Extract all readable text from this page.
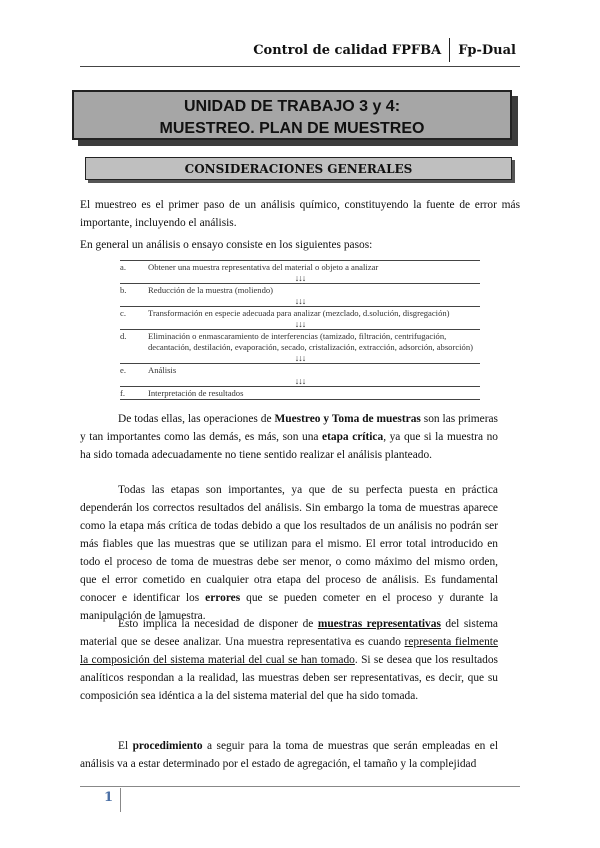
Control de calidad FPFBA	Fp-Dual
UNIDAD DE TRABAJO 3 y 4:
MUESTREO. PLAN DE MUESTREO
CONSIDERACIONES GENERALES
El muestreo es el primer paso de un análisis químico, constituyendo la fuente de error más importante, incluyendo el análisis.
En general un análisis o ensayo consiste en los siguientes pasos:
a.	Obtener una muestra representativa del material o objeto a analizar
↓↓↓
b.	Reducción de la muestra (moliendo)
↓↓↓
c.	Transformación en especie adecuada para analizar (mezclado, d.solución, disgregación)
↓↓↓
d.	Eliminación o enmascaramiento de interferencias (tamizado, filtración, centrifugación, decantación, destilación, evaporación, secado, cristalización, extracción, adsorción, absorción)
↓↓↓
e.	Análisis
↓↓↓
f.	Interpretación de resultados
De todas ellas, las operaciones de Muestreo y Toma de muestras son las primeras y tan importantes como las demás, es más, son una etapa crítica, ya que si la muestra no ha sido tomada adecuadamente no tiene sentido realizar el análisis planteado.
Todas las etapas son importantes, ya que de su perfecta puesta en práctica dependerán los correctos resultados del análisis. Sin embargo la toma de muestras aparece como la etapa más crítica de todas debido a que los resultados de un análisis no podrán ser más fiables que las muestras que se utilizan para el mismo. El error total introducido en todo el proceso de toma de muestras debe ser menor, o como máximo del mismo orden, que el error cometido en cualquier otra etapa del proceso de análisis. Es fundamental conocer e identificar los errores que se pueden cometer en el proceso y durante la manipulación de lamuestra.
Esto implica la necesidad de disponer de muestras representativas del sistema material que se desee analizar. Una muestra representativa es cuando representa fielmente la composición del sistema material del cual se han tomado. Si se desea que los resultados analíticos respondan a la realidad, las muestras deben ser representativas, es decir, que su composición sea idéntica a la del sistema material del que ha sido tomada.
El procedimiento a seguir para la toma de muestras que serán empleadas en el análisis va a estar determinado por el estado de agregación, el tamaño y la complejidad
1
